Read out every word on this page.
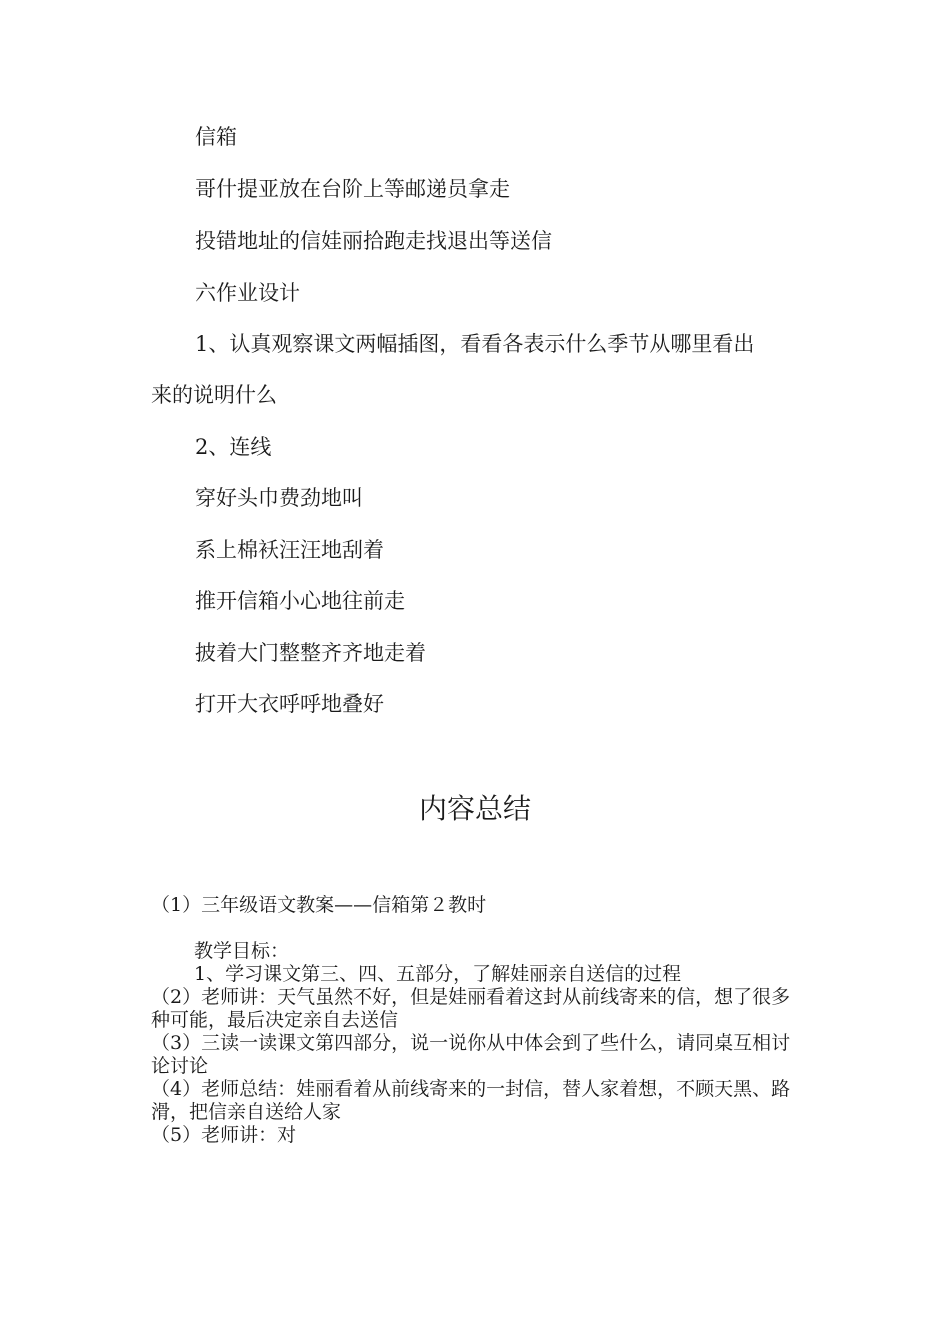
信箱
哥什提亚放在台阶上等邮递员拿走
投错地址的信娃丽拾跑走找退出等送信
六作业设计
1、认真观察课文两幅插图，看看各表示什么季节从哪里看出
来的说明什么
2、连线
穿好头巾费劲地叫
系上棉袄汪汪地刮着
推开信箱小心地往前走
披着大门整整齐齐地走着
打开大衣呼呼地叠好
内容总结
（1）三年级语文教案——信箱第２教时

教学目标：

1、学习课文第三、四、五部分，了解娃丽亲自送信的过程

（2）老师讲：天气虽然不好，但是娃丽看着这封从前线寄来的信，想了很多种可能，最后决定亲自去送信

（3）三读一读课文第四部分，说一说你从中体会到了些什么，请同桌互相讨论讨论

（4）老师总结：娃丽看着从前线寄来的一封信，替人家着想，不顾天黑、路滑，把信亲自送给人家

（5）老师讲：对
